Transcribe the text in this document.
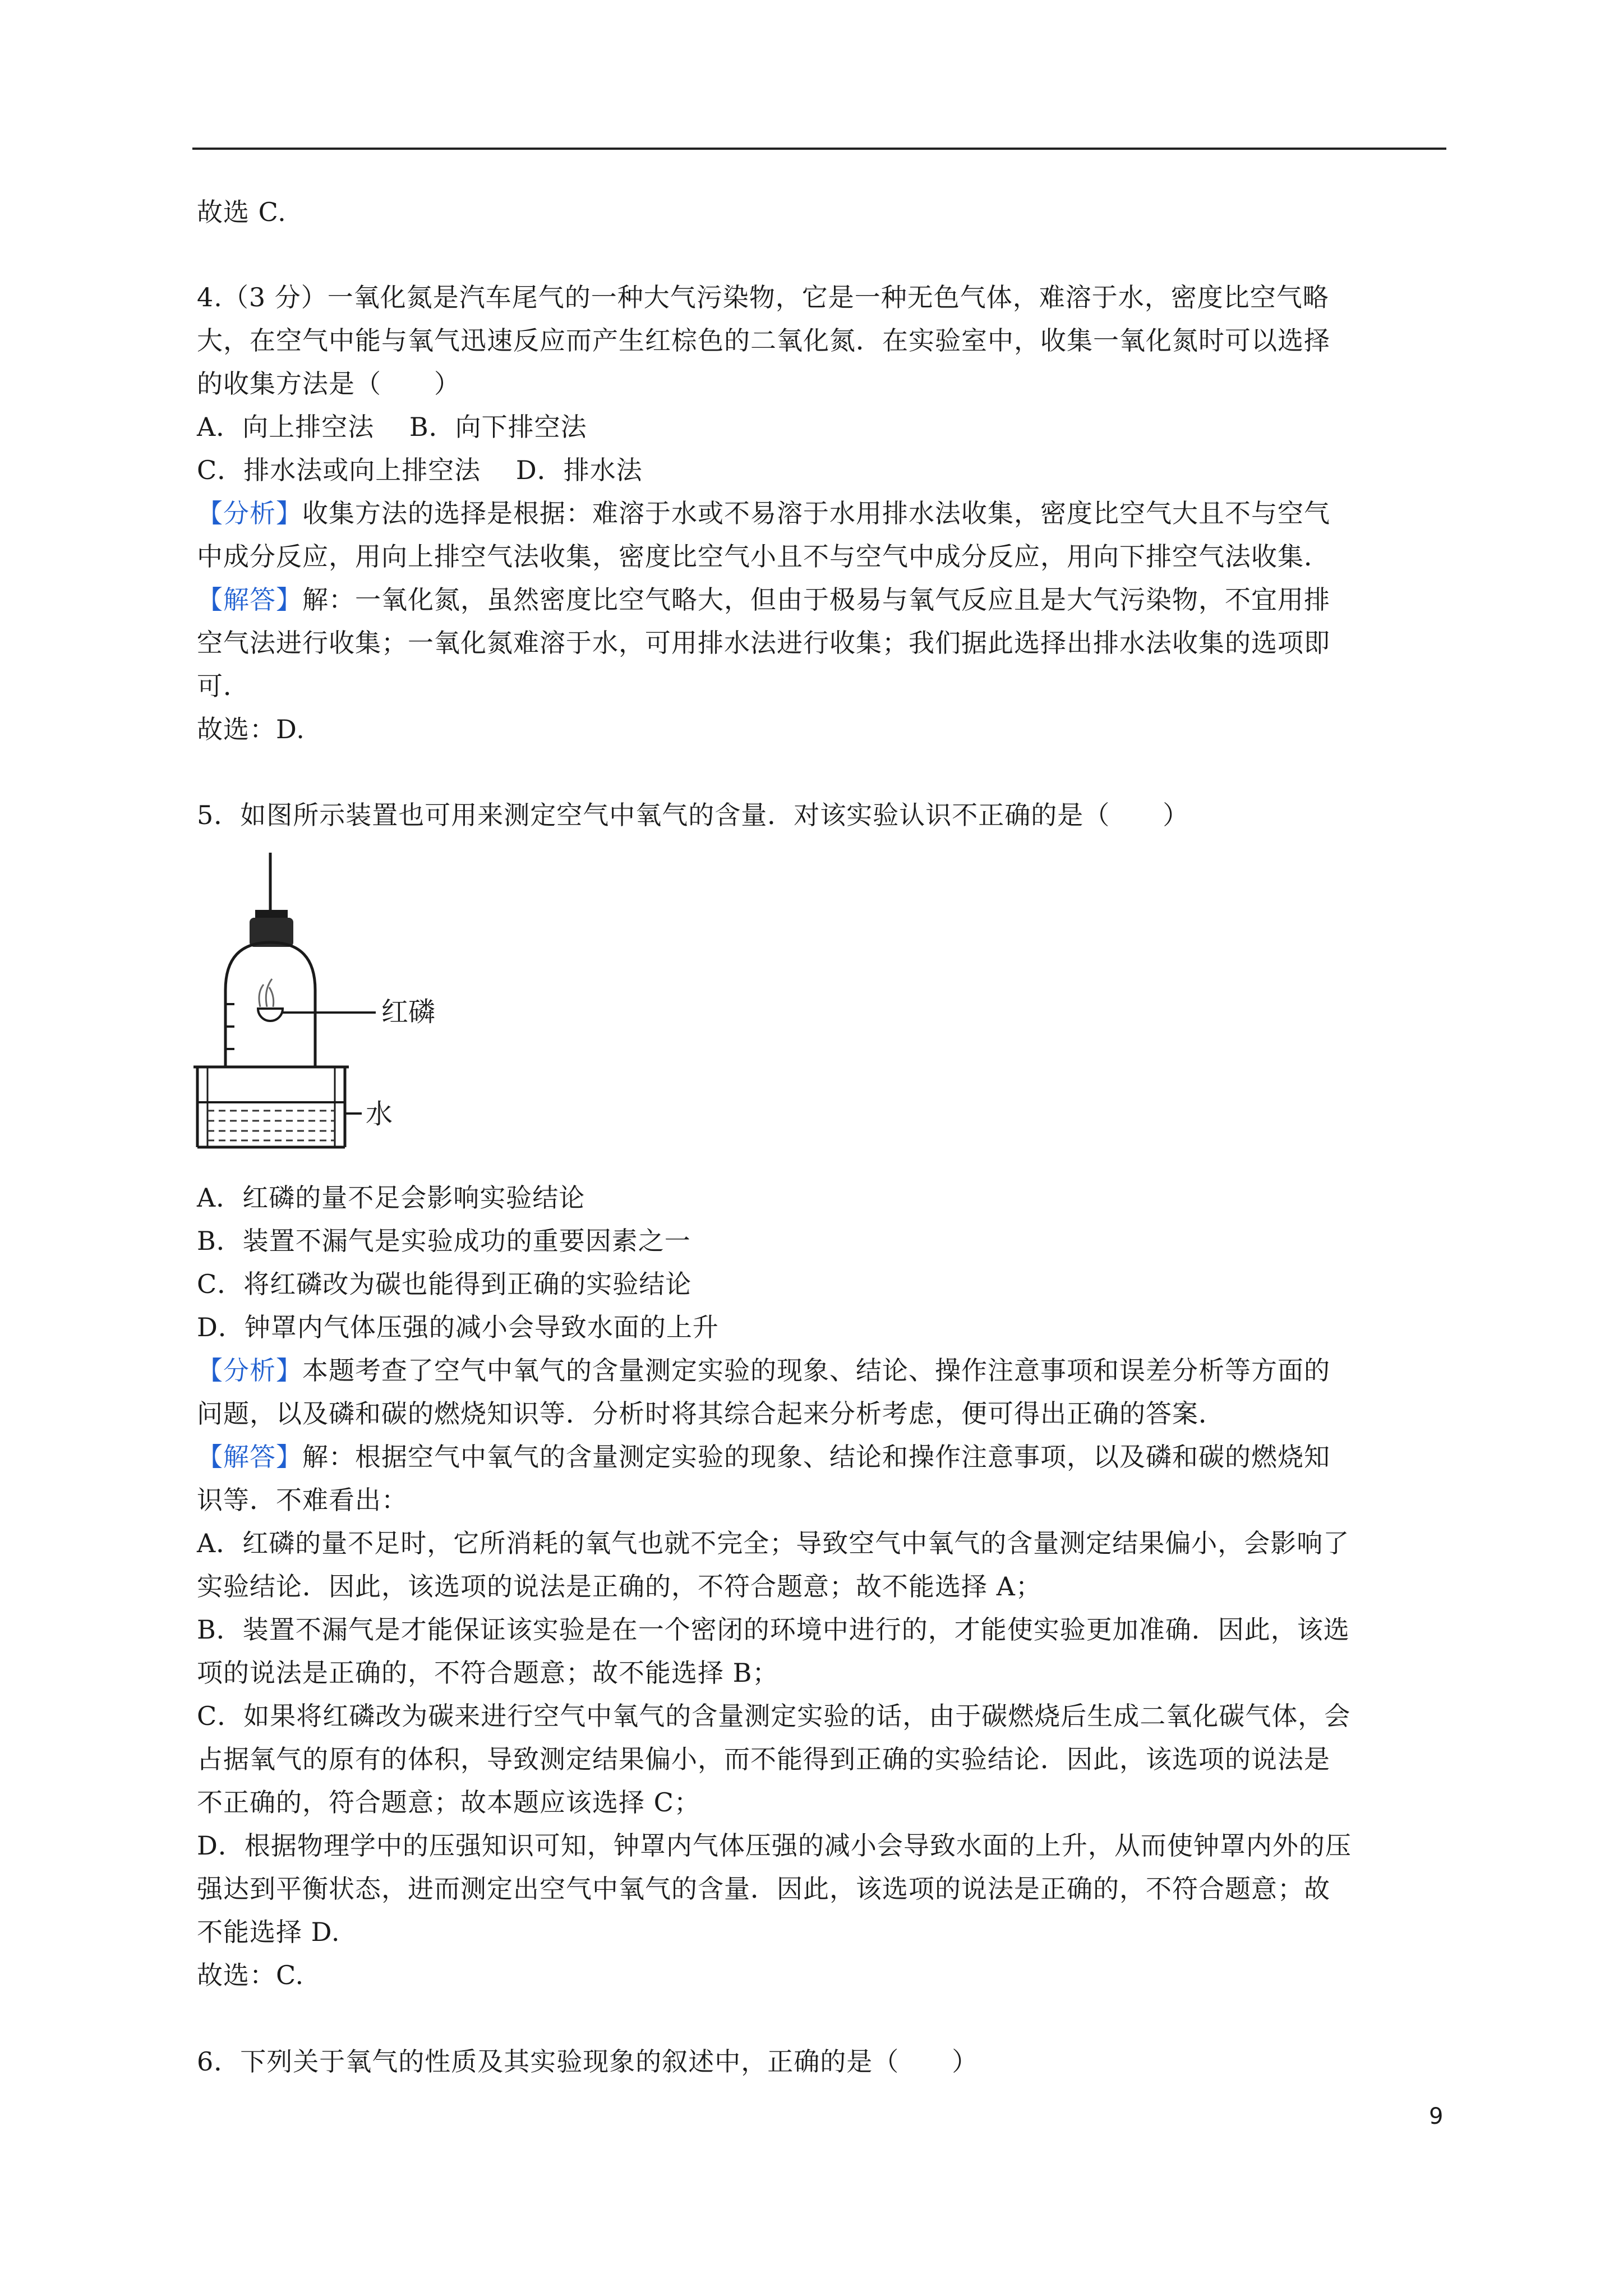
故选 C.
4.（3 分）一氧化氮是汽车尾气的一种大气污染物，它是一种无色气体，难溶于水，密度比空气略
大，在空气中能与氧气迅速反应而产生红棕色的二氧化氮．在实验室中，收集一氧化氮时可以选择
的收集方法是（　　）
A．向上排空法　 B．向下排空法
C．排水法或向上排空法　 D．排水法
【分析】收集方法的选择是根据：难溶于水或不易溶于水用排水法收集，密度比空气大且不与空气
中成分反应，用向上排空气法收集，密度比空气小且不与空气中成分反应，用向下排空气法收集．
【解答】解：一氧化氮，虽然密度比空气略大，但由于极易与氧气反应且是大气污染物，不宜用排
空气法进行收集；一氧化氮难溶于水，可用排水法进行收集；我们据此选择出排水法收集的选项即
可．
故选：D.
5．如图所示装置也可用来测定空气中氧气的含量．对该实验认识不正确的是（　　）
红磷
水
A．红磷的量不足会影响实验结论
B．装置不漏气是实验成功的重要因素之一
C．将红磷改为碳也能得到正确的实验结论
D．钟罩内气体压强的减小会导致水面的上升
【分析】本题考查了空气中氧气的含量测定实验的现象、结论、操作注意事项和误差分析等方面的
问题，以及磷和碳的燃烧知识等．分析时将其综合起来分析考虑，便可得出正确的答案．
【解答】解：根据空气中氧气的含量测定实验的现象、结论和操作注意事项，以及磷和碳的燃烧知
识等．不难看出：
A．红磷的量不足时，它所消耗的氧气也就不完全；导致空气中氧气的含量测定结果偏小，会影响了
实验结论．因此，该选项的说法是正确的，不符合题意；故不能选择 A；
B．装置不漏气是才能保证该实验是在一个密闭的环境中进行的，才能使实验更加准确．因此，该选
项的说法是正确的，不符合题意；故不能选择 B；
C．如果将红磷改为碳来进行空气中氧气的含量测定实验的话，由于碳燃烧后生成二氧化碳气体，会
占据氧气的原有的体积，导致测定结果偏小，而不能得到正确的实验结论．因此，该选项的说法是
不正确的，符合题意；故本题应该选择 C；
D．根据物理学中的压强知识可知，钟罩内气体压强的减小会导致水面的上升，从而使钟罩内外的压
强达到平衡状态，进而测定出空气中氧气的含量．因此，该选项的说法是正确的，不符合题意；故
不能选择 D.
故选：C.
6．下列关于氧气的性质及其实验现象的叙述中，正确的是（　　）
9
